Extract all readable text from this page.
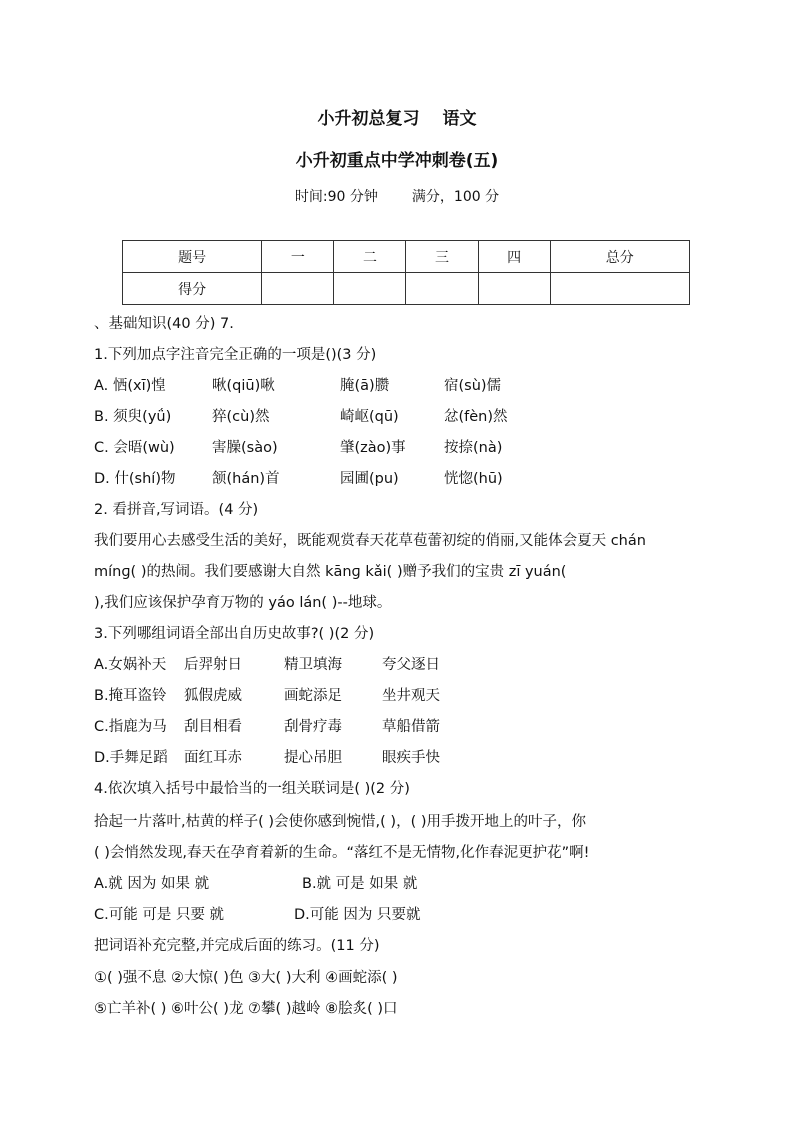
小升初总复习　 语文
小升初重点中学冲刺卷(五)
时间:90 分钟 满分，100 分
题号	一	二	三	四	总分
得分					
、基础知识(40 分) 7.
1.下列加点字注音完全正确的一项是()(3 分)
A. 恓(xī)惶	啾(qiū)啾	腌(ā)臜	宿(sù)儒
B. 须臾(yǘ)	猝(cù)然	崎岖(qū)	忿(fèn)然
C. 会晤(wù)	害臊(sào)	肇(zào)事	按捺(nà)
D. 什(shí)物	颔(hán)首	园圃(pu)	恍惚(hū)
2. 看拼音,写词语。(4 分)
我们要用心去感受生活的美好，既能观赏春天花草苞蕾初绽的俏丽,又能体会夏天 chán
mínɡ( )的热闹。我们要感谢大自然 kānɡ kǎi( )赠予我们的宝贵 zī yuán(
),我们应该保护孕育万物的 yáo lán( )--地球。
3.下列哪组词语全部出自历史故事?( )(2 分)
A.女娲补天 后羿射日	精卫填海	夸父逐日
B.掩耳盗铃 狐假虎威	画蛇添足	坐井观天
C.指鹿为马 刮目相看	刮骨疗毒	草船借箭
D.手舞足蹈 面红耳赤	提心吊胆	眼疾手快
4.依次填入括号中最恰当的一组关联词是( )(2 分)
拾起一片落叶,枯黄的样子( )会使你感到惋惜,( )，( )用手拨开地上的叶子，你
( )会悄然发现,春天在孕育着新的生命。“落红不是无情物,化作春泥更护花”啊!
A.就 因为 如果 就	B.就 可是 如果 就
C.可能 可是 只要 就	D.可能 因为 只要就
把词语补充完整,并完成后面的练习。(11 分)
①( )强不息 ②大惊( )色 ③大( )大利 ④画蛇添( )
⑤亡羊补( ) ⑥叶公( )龙 ⑦攀( )越岭 ⑧脍炙( )口
